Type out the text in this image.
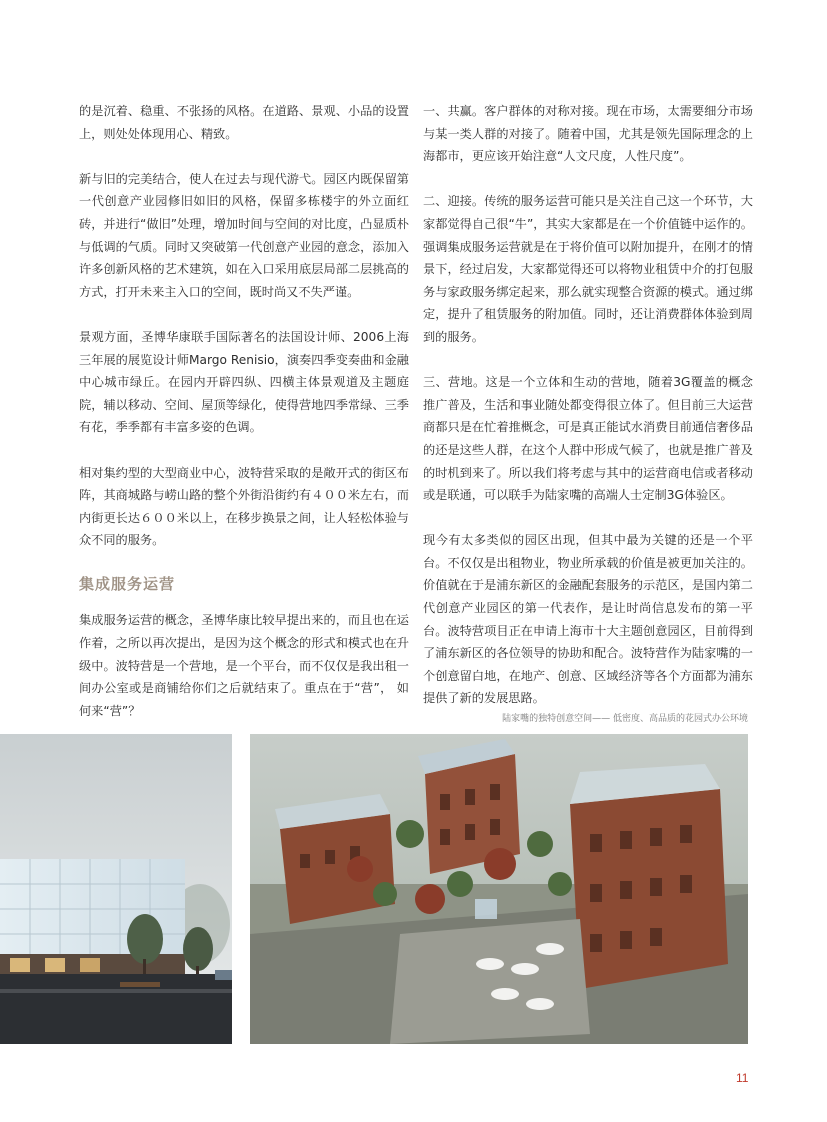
的是沉着、稳重、不张扬的风格。在道路、景观、小品的设置上，则处处体现用心、精致。

新与旧的完美结合，使人在过去与现代游弋。园区内既保留第一代创意产业园修旧如旧的风格，保留多栋楼宇的外立面红砖，并进行“做旧”处理，增加时间与空间的对比度，凸显质朴与低调的气质。同时又突破第一代创意产业园的意念，添加入许多创新风格的艺术建筑，如在入口采用底层局部二层挑高的方式，打开未来主入口的空间，既时尚又不失严谨。

景观方面，圣博华康联手国际著名的法国设计师、2006上海三年展的展览设计师Margo Renisio，演奏四季变奏曲和金融中心城市绿丘。在园内开辟四纵、四横主体景观道及主题庭院，辅以移动、空间、屋顶等绿化，使得营地四季常绿、三季有花，季季都有丰富多姿的色调。

相对集约型的大型商业中心，波特营采取的是敞开式的街区布阵，其商城路与崂山路的整个外街沿街约有４００米左右，而内街更长达６００米以上，在移步换景之间，让人轻松体验与众不同的服务。

集成服务运营

集成服务运营的概念，圣博华康比较早提出来的，而且也在运作着，之所以再次提出，是因为这个概念的形式和模式也在升级中。波特营是一个营地，是一个平台，而不仅仅是我出租一间办公室或是商铺给你们之后就结束了。重点在于“营”， 如何来“营”？

一、共赢。客户群体的对称对接。现在市场，太需要细分市场与某一类人群的对接了。随着中国，尤其是领先国际理念的上海都市，更应该开始注意“人文尺度，人性尺度”。

二、迎接。传统的服务运营可能只是关注自己这一个环节，大家都觉得自己很“牛”，其实大家都是在一个价值链中运作的。强调集成服务运营就是在于将价值可以附加提升，在刚才的情景下，经过启发，大家都觉得还可以将物业租赁中介的打包服务与家政服务绑定起来，那么就实现整合资源的模式。通过绑定，提升了租赁服务的附加值。同时，还让消费群体体验到周到的服务。

三、营地。这是一个立体和生动的营地，随着3G覆盖的概念推广普及，生活和事业随处都变得很立体了。但目前三大运营商都只是在忙着推概念，可是真正能试水消费目前通信奢侈品的还是这些人群，在这个人群中形成气候了，也就是推广普及的时机到来了。所以我们将考虑与其中的运营商电信或者移动或是联通，可以联手为陆家嘴的高端人士定制3G体验区。

现今有太多类似的园区出现，但其中最为关键的还是一个平台。不仅仅是出租物业，物业所承载的价值是被更加关注的。价值就在于是浦东新区的金融配套服务的示范区，是国内第二代创意产业园区的第一代表作，是让时尚信息发布的第一平台。波特营项目正在申请上海市十大主题创意园区，目前得到了浦东新区的各位领导的协助和配合。波特营作为陆家嘴的一个创意留白地，在地产、创意、区域经济等各个方面都为浦东提供了新的发展思路。

陆家嘴的独特创意空间—— 低密度、高品质的花园式办公环境
11
